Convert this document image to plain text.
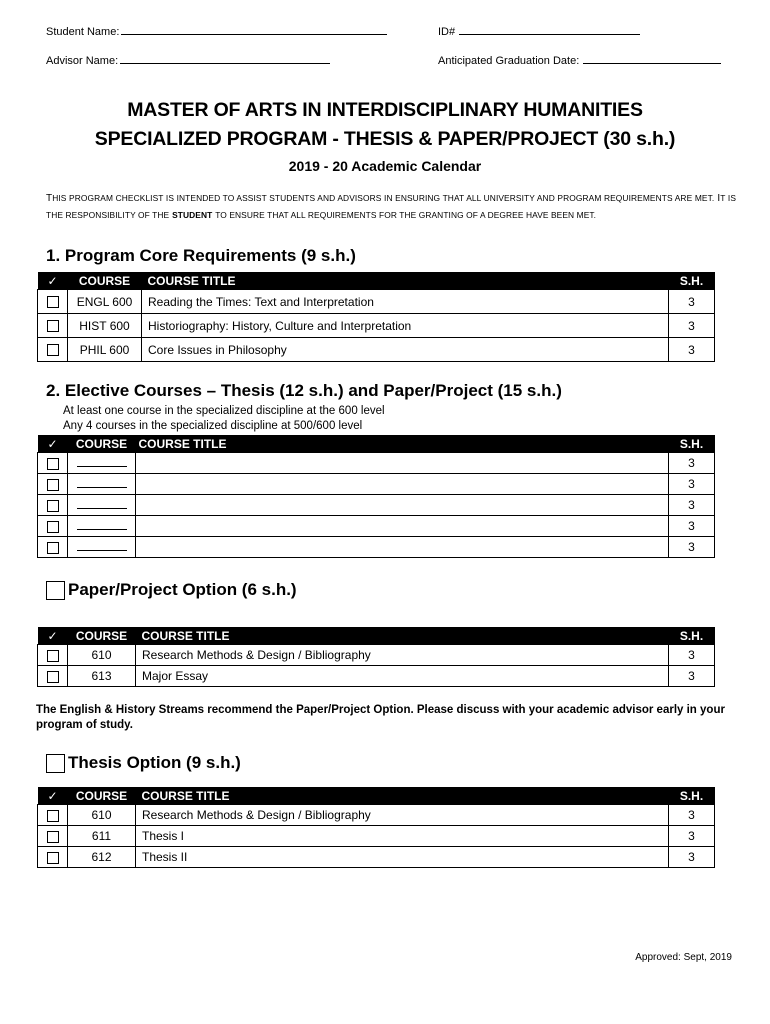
Student Name:	ID#
Advisor Name:	Anticipated Graduation Date:
MASTER OF ARTS IN INTERDISCIPLINARY HUMANITIES
SPECIALIZED PROGRAM - THESIS & PAPER/PROJECT (30 s.h.)
2019 - 20 Academic Calendar
THIS PROGRAM CHECKLIST IS INTENDED TO ASSIST STUDENTS AND ADVISORS IN ENSURING THAT ALL UNIVERSITY AND PROGRAM REQUIREMENTS ARE MET. IT IS THE RESPONSIBILITY OF THE STUDENT TO ENSURE THAT ALL REQUIREMENTS FOR THE GRANTING OF A DEGREE HAVE BEEN MET.
1. Program Core Requirements (9 s.h.)
✓	COURSE	COURSE TITLE	S.H.
	ENGL 600	Reading the Times: Text and Interpretation	3
	HIST 600	Historiography: History, Culture and Interpretation	3
	PHIL 600	Core Issues in Philosophy	3
2. Elective Courses – Thesis (12 s.h.) and Paper/Project (15 s.h.)
At least one course in the specialized discipline at the 600 level
Any 4 courses in the specialized discipline at 500/600 level
✓	COURSE	COURSE TITLE	S.H.
			3
			3
			3
			3
			3
Paper/Project Option (6 s.h.)
✓	COURSE	COURSE TITLE	S.H.
	610	Research Methods & Design / Bibliography	3
	613	Major Essay	3
The English & History Streams recommend the Paper/Project Option. Please discuss with your academic advisor early in your program of study.
Thesis Option (9 s.h.)
✓	COURSE	COURSE TITLE	S.H.
	610	Research Methods & Design / Bibliography	3
	611	Thesis I	3
	612	Thesis II	3
Approved: Sept, 2019
